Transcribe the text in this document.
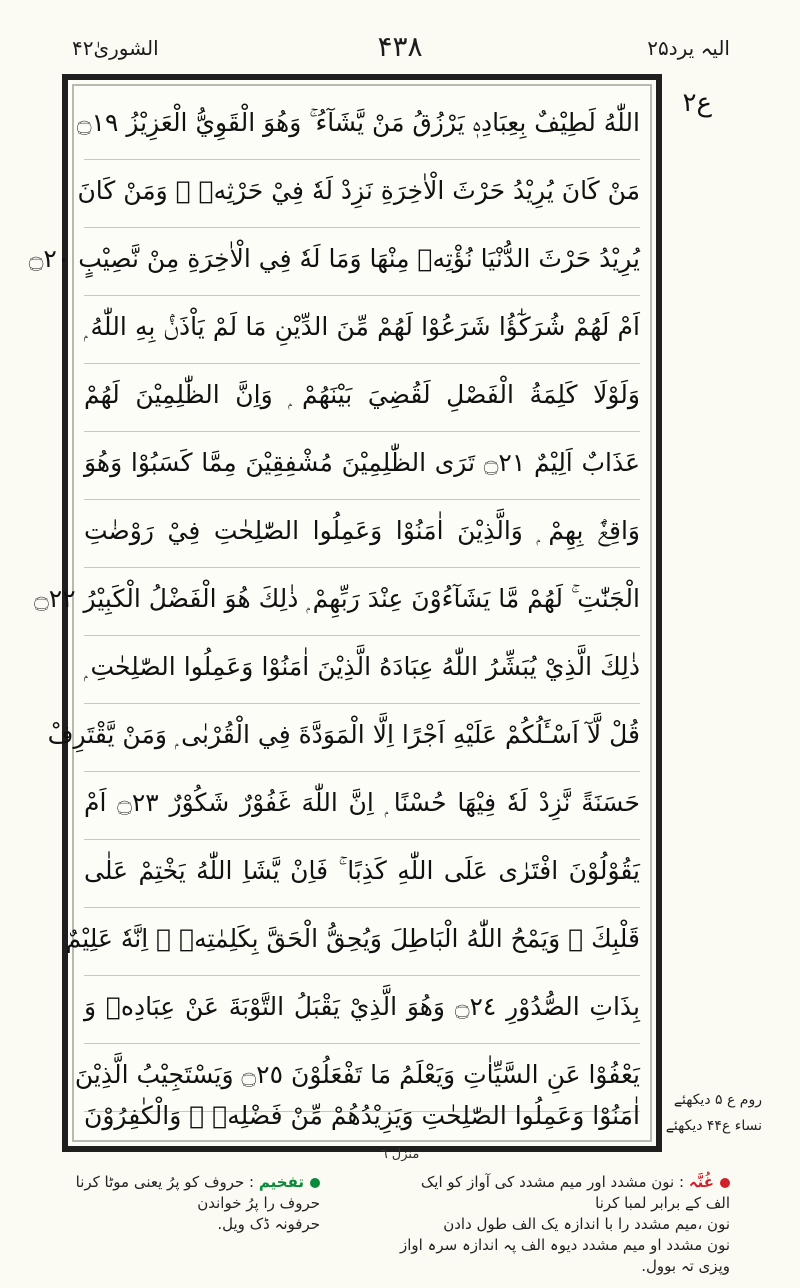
الشوریٰ۴۲	۴۳۸	الیہ یرد۲۵
اللّٰهُ لَطِيْفٌ بِعِبَادِهٖ يَرْزُقُ مَنْ يَّشَآءُ ۚ وَهُوَ الْقَوِيُّ الْعَزِيْزُ ۝١٩
مَنْ كَانَ يُرِيْدُ حَرْثَ الْاٰخِرَةِ نَزِدْ لَهٗ فِيْ حَرْثِهٖ ۚ وَمَنْ كَانَ
يُرِيْدُ حَرْثَ الدُّنْيَا نُؤْتِهٖ مِنْهَا وَمَا لَهٗ فِي الْاٰخِرَةِ مِنْ نَّصِيْبٍ ۝٢٠
اَمْ لَهُمْ شُرَكٰٓؤُا شَرَعُوْا لَهُمْ مِّنَ الدِّيْنِ مَا لَمْ يَاْذَنْۢ بِهِ اللّٰهُ ۭ
وَلَوْلَا كَلِمَةُ الْفَصْلِ لَقُضِيَ بَيْنَهُمْ ۭ وَاِنَّ الظّٰلِمِيْنَ لَهُمْ
عَذَابٌ اَلِيْمٌ ۝٢١ تَرَى الظّٰلِمِيْنَ مُشْفِقِيْنَ مِمَّا كَسَبُوْا وَهُوَ
وَاقِعٌۢ بِهِمْ ۭ وَالَّذِيْنَ اٰمَنُوْا وَعَمِلُوا الصّٰلِحٰتِ فِيْ رَوْضٰتِ
الْجَنّٰتِ ۚ لَهُمْ مَّا يَشَآءُوْنَ عِنْدَ رَبِّهِمْ ۭ ذٰلِكَ هُوَ الْفَضْلُ الْكَبِيْرُ ۝٢٢
ذٰلِكَ الَّذِيْ يُبَشِّرُ اللّٰهُ عِبَادَهُ الَّذِيْنَ اٰمَنُوْا وَعَمِلُوا الصّٰلِحٰتِ ۭ
قُلْ لَّآ اَسْـَٔلُكُمْ عَلَيْهِ اَجْرًا اِلَّا الْمَوَدَّةَ فِي الْقُرْبٰى ۭ وَمَنْ يَّقْتَرِفْ
حَسَنَةً نَّزِدْ لَهٗ فِيْهَا حُسْنًا ۭ اِنَّ اللّٰهَ غَفُوْرٌ شَكُوْرٌ ۝٢٣ اَمْ
يَقُوْلُوْنَ افْتَرٰى عَلَى اللّٰهِ كَذِبًا ۚ فَاِنْ يَّشَاِ اللّٰهُ يَخْتِمْ عَلٰى
قَلْبِكَ ۭ وَيَمْحُ اللّٰهُ الْبَاطِلَ وَيُحِقُّ الْحَقَّ بِكَلِمٰتِهٖ ۭ اِنَّهٗ عَلِيْمٌ
بِذَاتِ الصُّدُوْرِ ۝٢٤ وَهُوَ الَّذِيْ يَقْبَلُ التَّوْبَةَ عَنْ عِبَادِهٖ وَ
يَعْفُوْا عَنِ السَّيِّاٰتِ وَيَعْلَمُ مَا تَفْعَلُوْنَ ۝٢٥ وَيَسْتَجِيْبُ الَّذِيْنَ
اٰمَنُوْا وَعَمِلُوا الصّٰلِحٰتِ وَيَزِيْدُهُمْ مِّنْ فَضْلِهٖ ۭ وَالْكٰفِرُوْنَ
ع۲
منزل ٦
روم ع ۵ دیکھئے
نساء ع۴۴ دیکھئے
غُنَّہ : نون مشدد اور میم مشدد کی آواز کو ایک الف کے برابر لمبا کرنا
نون ،میم مشدد را با اندازہ یک الف طول دادن
نون مشدد او میم مشدد دیوہ الف پہ اندازہ سرہ اواز وپزی تہ بوول.
تفخیم : حروف کو پرُ یعنی موٹا کرنا
حروف را پرُ خواندن
حرفونہ ڈک ویل.
